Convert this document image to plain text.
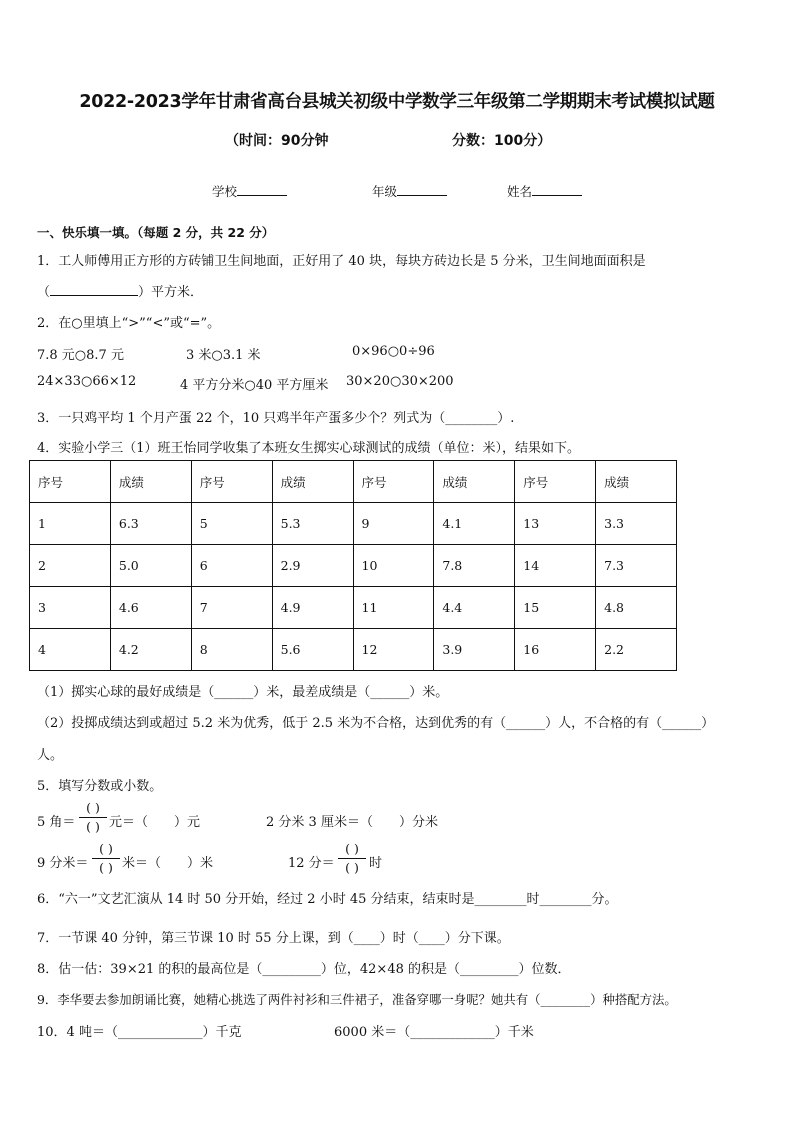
2022-2023学年甘肃省高台县城关初级中学数学三年级第二学期期末考试模拟试题
（时间：90分钟	分数：100分）
学校	年级	姓名
一、快乐填一填。（每题 2 分，共 22 分）
1．工人师傅用正方形的方砖铺卫生间地面，正好用了 40 块，每块方砖边长是 5 分米，卫生间地面面积是
（	）平方米．
2．在○里填上“>”“<”或“=”。
7.8 元○8.7 元	3 米○3.1 米	0×96○0÷96
24×33○66×12	4 平方分米○40 平方厘米 30×20○30×200
3．一只鸡平均 1 个月产蛋 22 个，10 只鸡半年产蛋多少个？列式为（________）.
4．实验小学三（1）班王怡同学收集了本班女生掷实心球测试的成绩（单位：米），结果如下。
序号	成绩	序号	成绩	序号	成绩	序号	成绩
1	6.3	5	5.3	9	4.1	13	3.3
2	5.0	6	2.9	10	7.8	14	7.3
3	4.6	7	4.9	11	4.4	15	4.8
4	4.2	8	5.6	12	3.9	16	2.2
（1）掷实心球的最好成绩是（______）米，最差成绩是（______）米。
（2）投掷成绩达到或超过 5.2 米为优秀，低于 2.5 米为不合格，达到优秀的有（______）人，不合格的有（______）
人。
5．填写分数或小数。
5 角＝
( )
( ) 元＝（　　）元	2 分米 3 厘米＝（　　）分米
9 分米＝
( )
( ) 米＝（　　）米	12 分＝
( )
( ) 时
6．“六一”文艺汇演从 14 时 50 分开始，经过 2 小时 45 分结束，结束时是________时________分。
7．一节课 40 分钟，第三节课 10 时 55 分上课，到（____）时（____）分下课。
8．估一估：39×21 的积的最高位是（_________）位，42×48 的积是（_________）位数．
9．李华要去参加朗诵比赛，她精心挑选了两件衬衫和三件裙子，准备穿哪一身呢？她共有（________）种搭配方法。
10．4 吨＝（_____________）千克	6000 米＝（_____________）千米
